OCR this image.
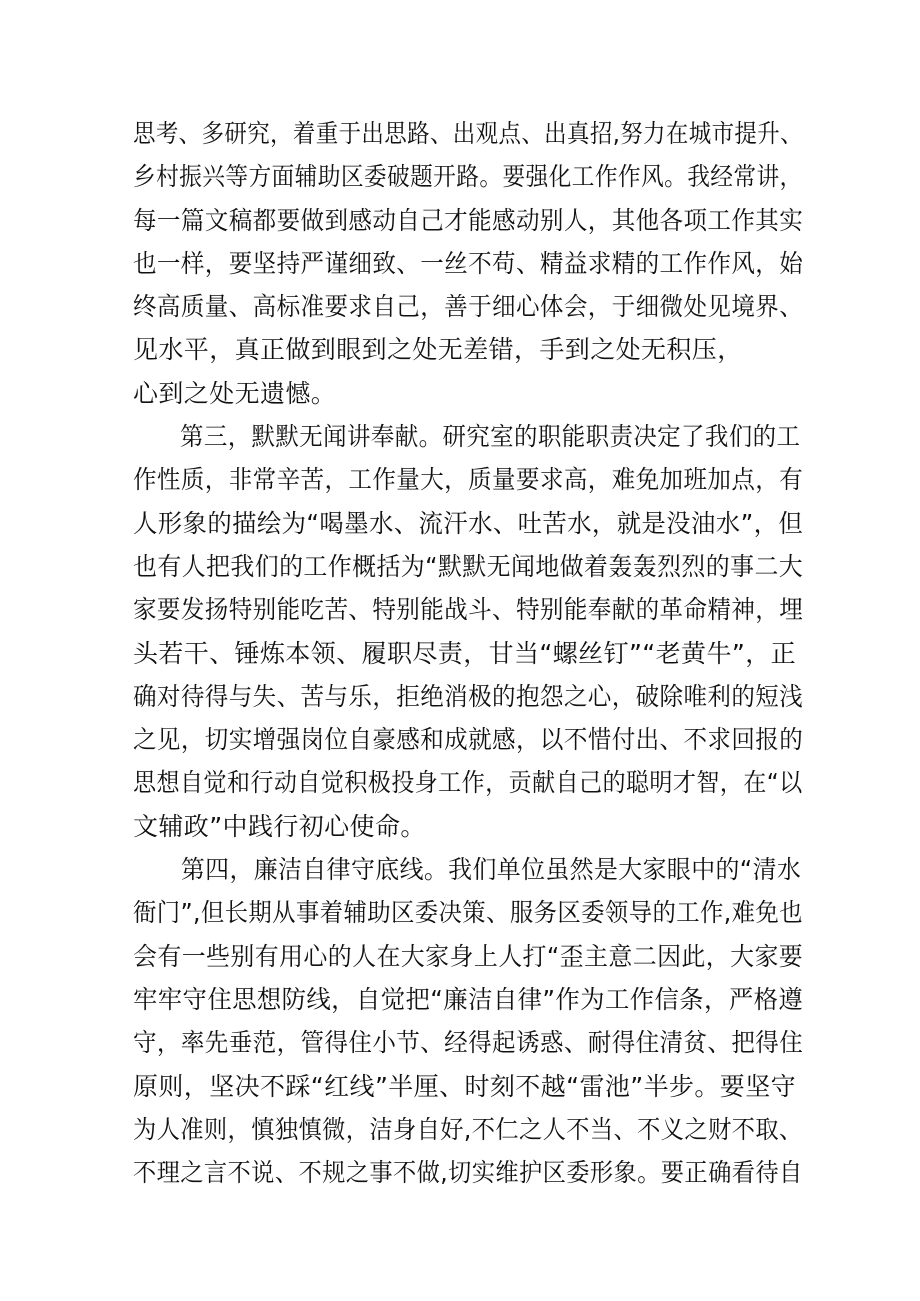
思考、多研究，着重于出思路、出观点、出真招,努力在城市提升、
乡村振兴等方面辅助区委破题开路。要强化工作作风。我经常讲，
每一篇文稿都要做到感动自己才能感动别人，其他各项工作其实
也一样，要坚持严谨细致、一丝不苟、精益求精的工作作风，始
终高质量、高标准要求自己，善于细心体会，于细微处见境界、
见水平，真正做到眼到之处无差错，手到之处无积压，
心到之处无遗憾。
第三，默默无闻讲奉献。研究室的职能职责决定了我们的工
作性质，非常辛苦，工作量大，质量要求高，难免加班加点，有
人形象的描绘为“喝墨水、流汗水、吐苦水，就是没油水”，但
也有人把我们的工作概括为“默默无闻地做着轰轰烈烈的事二大
家要发扬特别能吃苦、特别能战斗、特别能奉献的革命精神，埋
头若干、锤炼本领、履职尽责，甘当“螺丝钉”“老黄牛”，正
确对待得与失、苦与乐，拒绝消极的抱怨之心，破除唯利的短浅
之见，切实增强岗位自豪感和成就感，以不惜付出、不求回报的
思想自觉和行动自觉积极投身工作，贡献自己的聪明才智，在“以
文辅政”中践行初心使命。
第四，廉洁自律守底线。我们单位虽然是大家眼中的“清水
衙门”,但长期从事着辅助区委决策、服务区委领导的工作,难免也
会有一些别有用心的人在大家身上人打“歪主意二因此，大家要
牢牢守住思想防线，自觉把“廉洁自律”作为工作信条，严格遵
守，率先垂范，管得住小节、经得起诱惑、耐得住清贫、把得住
原则，坚决不踩“红线”半厘、时刻不越“雷池”半步。要坚守
为人准则，慎独慎微，洁身自好,不仁之人不当、不义之财不取、
不理之言不说、不规之事不做,切实维护区委形象。要正确看待自
